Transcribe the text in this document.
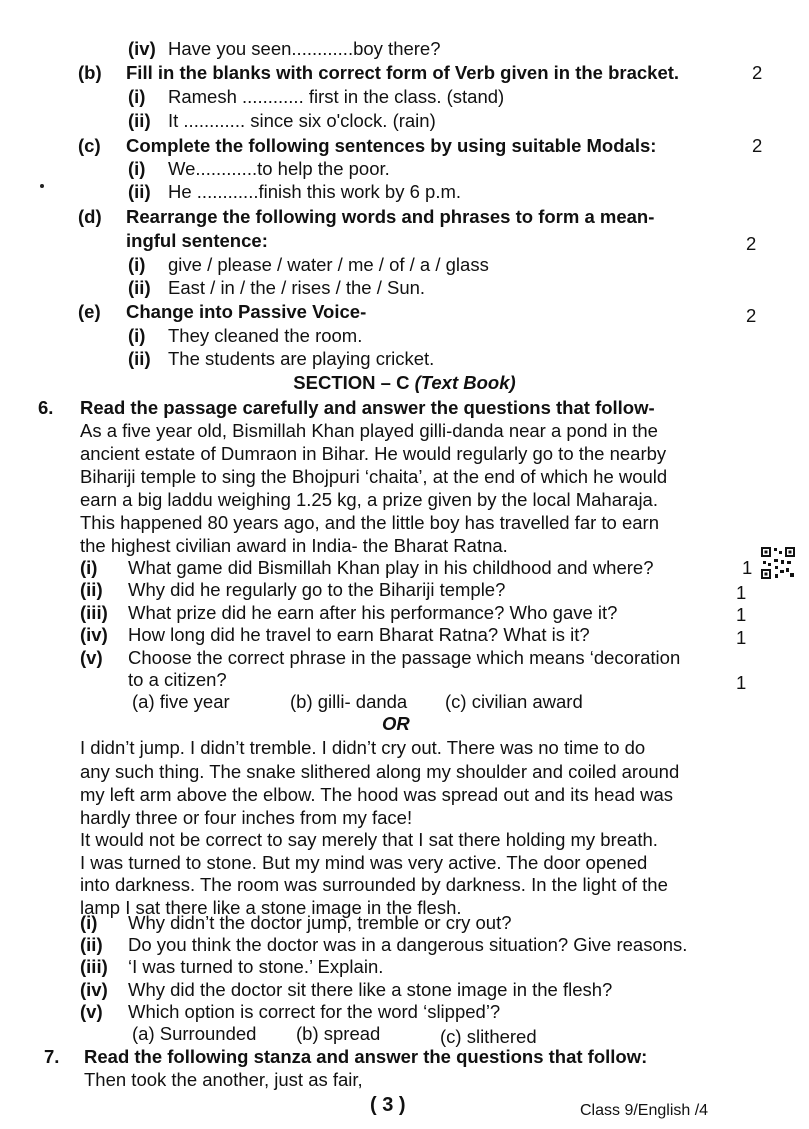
(iv) Have you seen............boy there?
(b) Fill in the blanks with correct form of Verb given in the bracket.	2
(i) Ramesh ............ first in the class. (stand)
(ii) It ............ since six o'clock. (rain)
(c) Complete the following sentences by using suitable Modals:	2
(i) We............to help the poor.
(ii) He ............finish this work by 6 p.m.
(d) Rearrange the following words and phrases to form a mean-
ingful sentence:	2
(i) give / please / water / me / of / a / glass
(ii) East / in / the / rises / the / Sun.
(e) Change into Passive Voice-	2
(i) They cleaned the room.
(ii) The students are playing cricket.
SECTION – C (Text Book)
6. Read the passage carefully and answer the questions that follow-
As a five year old, Bismillah Khan played gilli-danda near a pond in the
ancient estate of Dumraon in Bihar. He would regularly go to the nearby
Bihariji temple to sing the Bhojpuri ‘chaita’, at the end of which he would
earn a big laddu weighing 1.25 kg, a prize given by the local Maharaja.
This happened 80 years ago, and the little boy has travelled far to earn
the highest civilian award in India- the Bharat Ratna.
(i) What game did Bismillah Khan play in his childhood and where?	1
(ii) Why did he regularly go to the Bihariji temple?	1
(iii) What prize did he earn after his performance? Who gave it?	1
(iv) How long did he travel to earn Bharat Ratna? What is it?	1
(v) Choose the correct phrase in the passage which means ‘decoration
to a citizen?	1
(a) five year	(b) gilli- danda (c) civilian award
OR
I didn’t jump. I didn’t tremble. I didn’t cry out. There was no time to do
any such thing. The snake slithered along my shoulder and coiled around
my left arm above the elbow. The hood was spread out and its head was
hardly three or four inches from my face!
It would not be correct to say merely that I sat there holding my breath.
I was turned to stone. But my mind was very active. The door opened
into darkness. The room was surrounded by darkness. In the light of the
lamp I sat there like a stone image in the flesh.
(i) Why didn’t the doctor jump, tremble or cry out?
(ii) Do you think the doctor was in a dangerous situation? Give reasons.
(iii) ‘I was turned to stone.’ Explain.
(iv) Why did the doctor sit there like a stone image in the flesh?
(v) Which option is correct for the word ‘slipped’?
(a) Surrounded (b) spread	(c) slithered
7. Read the following stanza and answer the questions that follow:
Then took the another, just as fair,
( 3 )	Class 9/English /4
